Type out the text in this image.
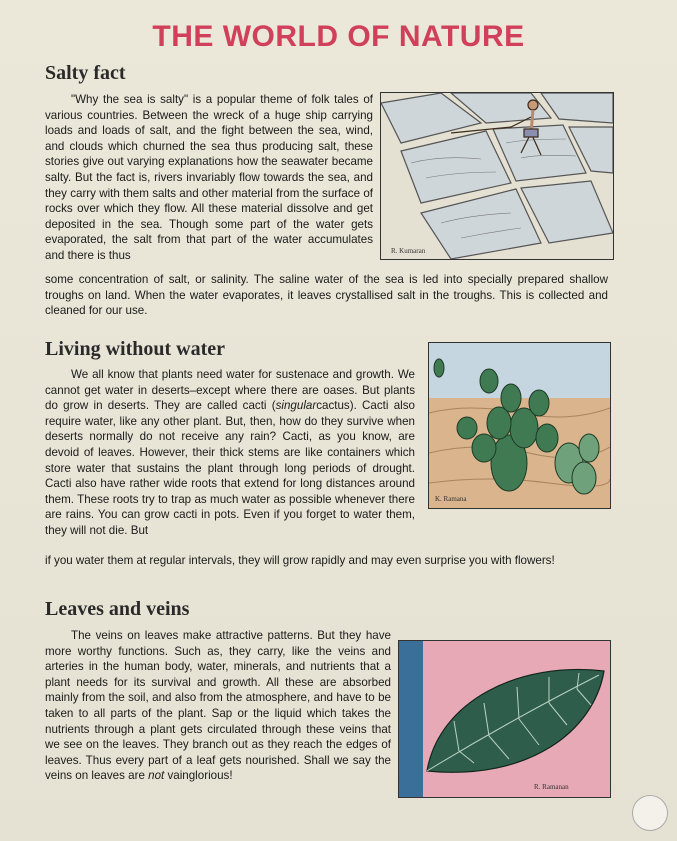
THE WORLD OF NATURE
Salty fact

"Why the sea is salty" is a popular theme of folk tales of various countries. Between the wreck of a huge ship carrying loads and loads of salt, and the fight between the sea, wind, and clouds which churned the sea thus producing salt, these stories give out varying explanations how the seawater became salty. But the fact is, rivers invariably flow towards the sea, and they carry with them salts and other material from the surface of rocks over which they flow. All these material dissolve and get deposited in the sea. Though some part of the water gets evaporated, the salt from that part of the water accumulates and there is thus

some concentration of salt, or salinity. The saline water of the sea is led into specially prepared shallow troughs on land. When the water evaporates, it leaves crystallised salt in the troughs. This is collected and cleaned for our use.

R. Kumaran
Living without water

We all know that plants need water for sustenace and growth. We cannot get water in deserts–except where there are oases. But plants do grow in deserts. They are called cacti (singularcactus). Cacti also require water, like any other plant. But, then, how do they survive when deserts normally do not receive any rain? Cacti, as you know, are devoid of leaves. However, their thick stems are like containers which store water that sustains the plant through long periods of drought. Cacti also have rather wide roots that extend for long distances around them. These roots try to trap as much water as possible whenever there are rains. You can grow cacti in pots. Even if you forget to water them, they will not die. But

if you water them at regular intervals, they will grow rapidly and may even surprise you with flowers!

K. Ramana
Leaves and veins

The veins on leaves make attractive patterns. But they have more worthy functions. Such as, they carry, like the veins and arteries in the human body, water, minerals, and nutrients that a plant needs for its survival and growth. All these are absorbed mainly from the soil, and also from the atmosphere, and have to be taken to all parts of the plant. Sap or the liquid which takes the nutrients through a plant gets circulated through these veins that we see on the leaves. They branch out as they reach the edges of leaves. Thus every part of a leaf gets nourished. Shall we say the veins on leaves are not vainglorious!

R. Ramanan
